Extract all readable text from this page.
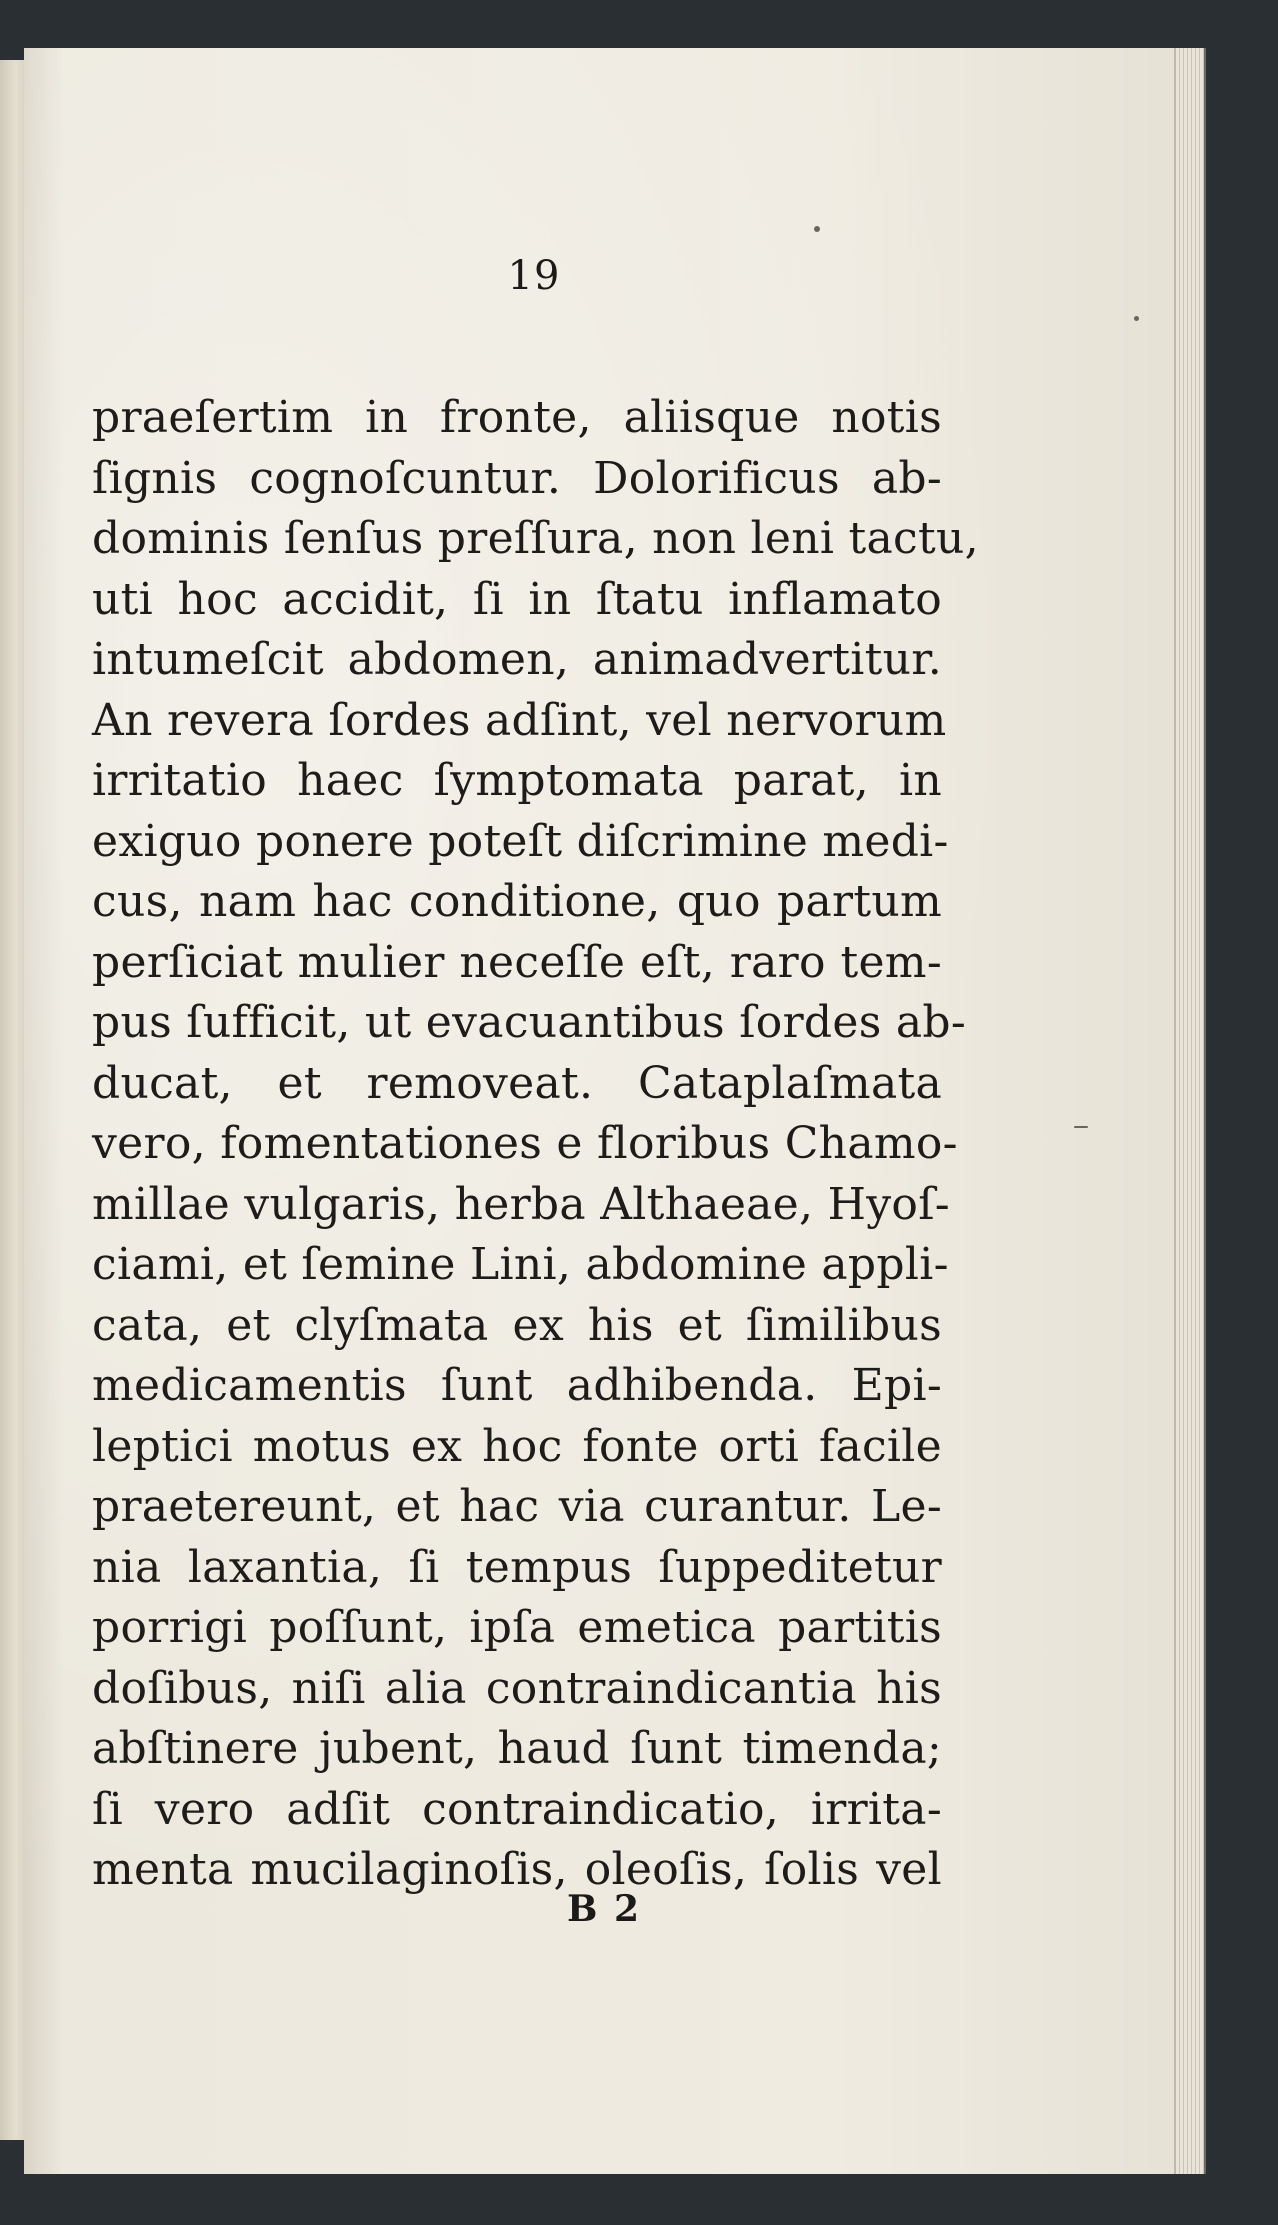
19
praeſertim in fronte, aliisque notis
ſignis cognoſcuntur. Dolorificus ab-
dominis ſenſus preſſura, non leni tactu,
uti hoc accidit, ſi in ſtatu inflamato
intumeſcit abdomen, animadvertitur.
An revera ſordes adſint, vel nervorum
irritatio haec ſymptomata parat, in
exiguo ponere poteſt diſcrimine medi-
cus, nam hac conditione, quo partum
perſiciat mulier neceſſe eſt, raro tem-
pus ſufficit, ut evacuantibus ſordes ab-
ducat, et removeat. Cataplaſmata
vero, fomentationes e floribus Chamo-
millae vulgaris, herba Althaeae, Hyoſ-
ciami, et ſemine Lini, abdomine appli-
cata, et clyſmata ex his et ſimilibus
medicamentis ſunt adhibenda. Epi-
leptici motus ex hoc fonte orti facile
praetereunt, et hac via curantur. Le-
nia laxantia, ſi tempus ſuppeditetur
porrigi poſſunt, ipſa emetica partitis
doſibus, niſi alia contraindicantia his
abſtinere jubent, haud ſunt timenda;
ſi vero adſit contraindicatio, irrita-
menta mucilaginoſis, oleoſis, ſolis vel
B 2
